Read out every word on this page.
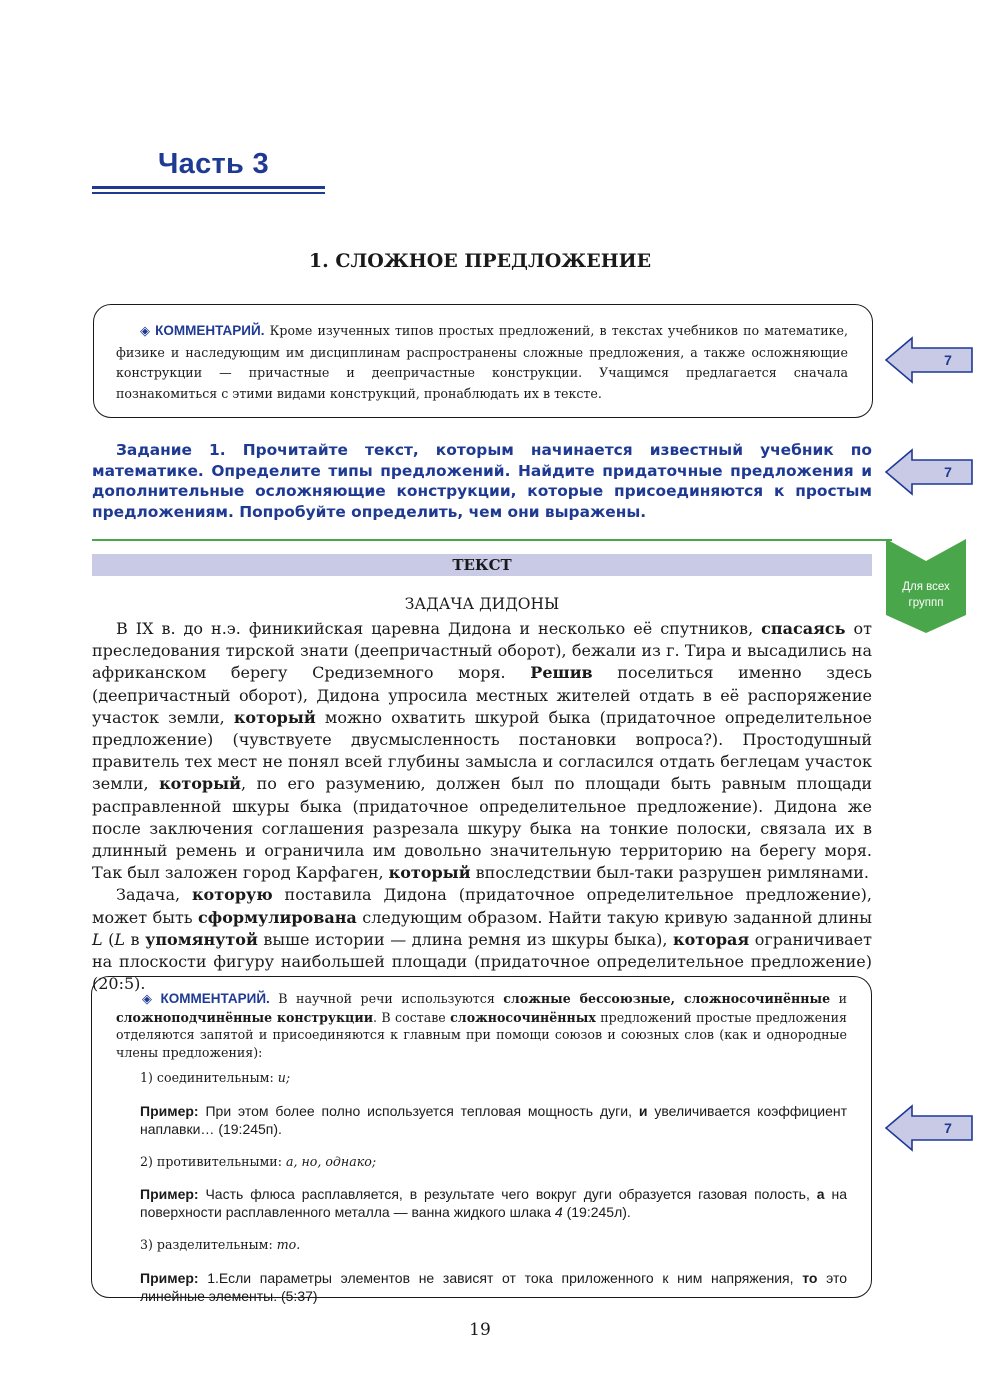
Часть 3
1. СЛОЖНОЕ ПРЕДЛОЖЕНИЕ
◈ КОММЕНТАРИЙ. Кроме изученных типов простых предложений, в текстах учебников по математике, физике и наследующим им дисциплинам распространены сложные предложения, а также осложняющие конструкции — причастные и деепричастные конструкции. Учащимся предлагается сначала познакомиться с этими видами конструкций, пронаблюдать их в тексте.
Задание 1. Прочитайте текст, которым начинается известный учебник по математике. Определите типы предложений. Найдите придаточные предложения и дополнительные осложняющие конструкции, которые присоединяются к простым предложениям. Попробуйте определить, чем они выражены.
7
7
7
Для всех
группп
ТЕКСТ
ЗАДАЧА ДИДОНЫ

В IX в. до н.э. финикийская царевна Дидона и несколько её спутников, спасаясь от преследования тирской знати (деепричастный оборот), бежали из г. Тира и высадились на африканском берегу Средиземного моря. Решив поселиться именно здесь (деепричастный оборот), Дидона упросила местных жителей отдать в её распоряжение участок земли, который можно охватить шкурой быка (придаточное определительное предложение) (чувствуете двусмысленность постановки вопроса?). Простодушный правитель тех мест не понял всей глубины замысла и согласился отдать беглецам участок земли, который, по его разумению, должен был по площади быть равным площади расправленной шкуры быка (придаточное определительное предложение). Дидона же после заключения соглашения разрезала шкуру быка на тонкие полоски, связала их в длинный ремень и ограничила им довольно значительную территорию на берегу моря. Так был заложен город Карфаген, который впоследствии был-таки разрушен римлянами.

Задача, которую поставила Дидона (придаточное определительное предложение), может быть сформулирована следующим образом. Найти такую кривую заданной длины L (L в упомянутой выше истории — длина ремня из шкуры быка), которая ограничивает на плоскости фигуру наибольшей площади (придаточное определительное предложение) (20:5).

◈ КОММЕНТАРИЙ. В научной речи используются сложные бессоюзные, сложносочинённые и сложноподчинённые конструкции. В составе сложносочинённых предложений простые предложения отделяются запятой и присоединяются к главным при помощи союзов и союзных слов (как и однородные члены предложения):

1) соединительным: и;

Пример: При этом более полно используется тепловая мощность дуги, и увеличивается коэффициент наплавки… (19:245п).

2) противительными: а, но, однако;

Пример: Часть флюса расплавляется, в результате чего вокруг дуги образуется газовая полость, а на поверхности расплавленного металла — ванна жидкого шлака 4 (19:245л).

3) разделительным: то.

Пример: 1.Если параметры элементов не зависят от тока приложенного к ним напряжения, то это линейные элементы. (5:37)

19
